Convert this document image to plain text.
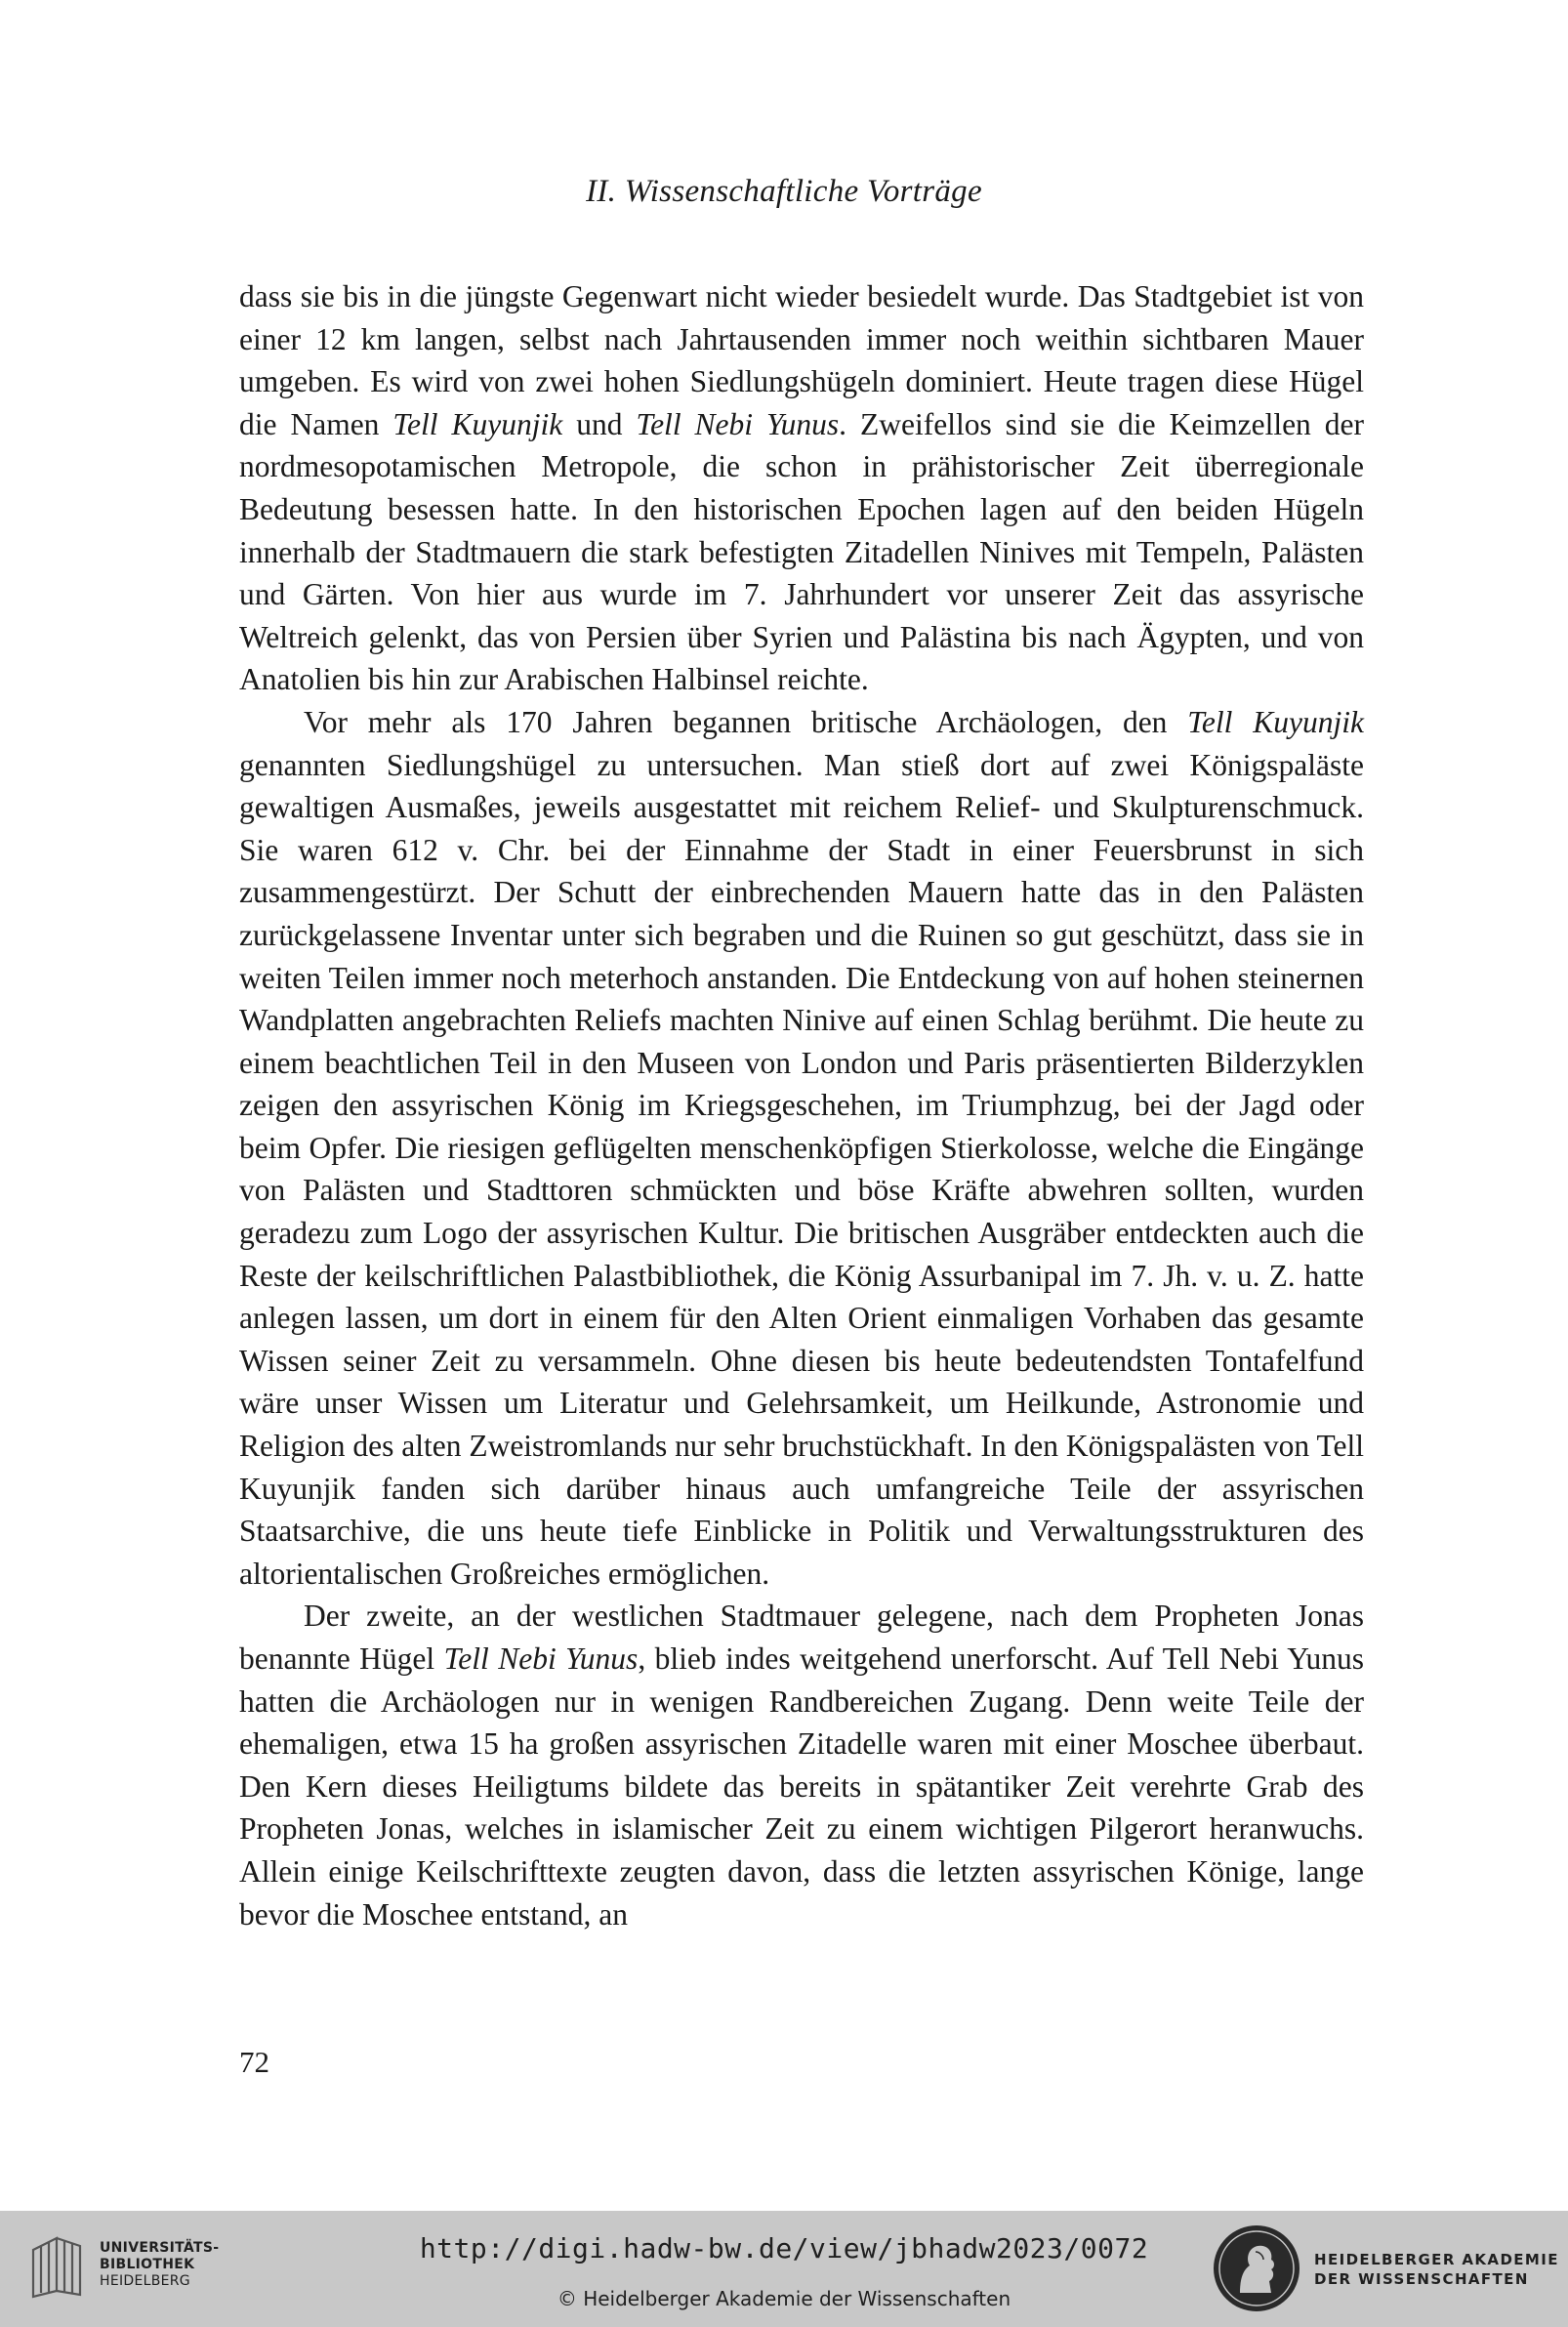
II. Wissenschaftliche Vorträge

dass sie bis in die jüngste Gegenwart nicht wieder besiedelt wurde. Das Stadtgebiet ist von einer 12 km langen, selbst nach Jahrtausenden immer noch weithin sichtbaren Mauer umgeben. Es wird von zwei hohen Siedlungshügeln dominiert. Heute tragen diese Hügel die Namen Tell Kuyunjik und Tell Nebi Yunus. Zweifellos sind sie die Keimzellen der nordmesopotamischen Metropole, die schon in prähistorischer Zeit überregionale Bedeutung besessen hatte. In den historischen Epochen lagen auf den beiden Hügeln innerhalb der Stadtmauern die stark befestigten Zitadellen Ninives mit Tempeln, Palästen und Gärten. Von hier aus wurde im 7. Jahrhundert vor unserer Zeit das assyrische Weltreich gelenkt, das von Persien über Syrien und Palästina bis nach Ägypten, und von Anatolien bis hin zur Arabischen Halbinsel reichte.

Vor mehr als 170 Jahren begannen britische Archäologen, den Tell Kuyunjik genannten Siedlungshügel zu untersuchen. Man stieß dort auf zwei Königspaläste gewaltigen Ausmaßes, jeweils ausgestattet mit reichem Relief- und Skulpturenschmuck. Sie waren 612 v. Chr. bei der Einnahme der Stadt in einer Feuersbrunst in sich zusammengestürzt. Der Schutt der einbrechenden Mauern hatte das in den Palästen zurückgelassene Inventar unter sich begraben und die Ruinen so gut geschützt, dass sie in weiten Teilen immer noch meterhoch anstanden. Die Entdeckung von auf hohen steinernen Wandplatten angebrachten Reliefs machten Ninive auf einen Schlag berühmt. Die heute zu einem beachtlichen Teil in den Museen von London und Paris präsentierten Bilderzyklen zeigen den assyrischen König im Kriegsgeschehen, im Triumphzug, bei der Jagd oder beim Opfer. Die riesigen geflügelten menschenköpfigen Stierkolosse, welche die Eingänge von Palästen und Stadttoren schmückten und böse Kräfte abwehren sollten, wurden geradezu zum Logo der assyrischen Kultur. Die britischen Ausgräber entdeckten auch die Reste der keilschriftlichen Palastbibliothek, die König Assurbanipal im 7. Jh. v. u. Z. hatte anlegen lassen, um dort in einem für den Alten Orient einmaligen Vorhaben das gesamte Wissen seiner Zeit zu versammeln. Ohne diesen bis heute bedeutendsten Tontafelfund wäre unser Wissen um Literatur und Gelehrsamkeit, um Heilkunde, Astronomie und Religion des alten Zweistromlands nur sehr bruchstückhaft. In den Königspalästen von Tell Kuyunjik fanden sich darüber hinaus auch umfangreiche Teile der assyrischen Staatsarchive, die uns heute tiefe Einblicke in Politik und Verwaltungsstrukturen des altorientalischen Großreiches ermöglichen.

Der zweite, an der westlichen Stadtmauer gelegene, nach dem Propheten Jonas benannte Hügel Tell Nebi Yunus, blieb indes weitgehend unerforscht. Auf Tell Nebi Yunus hatten die Archäologen nur in wenigen Randbereichen Zugang. Denn weite Teile der ehemaligen, etwa 15 ha großen assyrischen Zitadelle waren mit einer Moschee überbaut. Den Kern dieses Heiligtums bildete das bereits in spätantiker Zeit verehrte Grab des Propheten Jonas, welches in islamischer Zeit zu einem wichtigen Pilgerort heranwuchs. Allein einige Keilschrifttexte zeugten davon, dass die letzten assyrischen Könige, lange bevor die Moschee entstand, an

72
UNIVERSITÄTS-
BIBLIOTHEK
HEIDELBERG
http://digi.hadw-bw.de/view/jbhadw2023/0072
© Heidelberger Akademie der Wissenschaften
HEIDELBERGER AKADEMIE
DER WISSENSCHAFTEN
